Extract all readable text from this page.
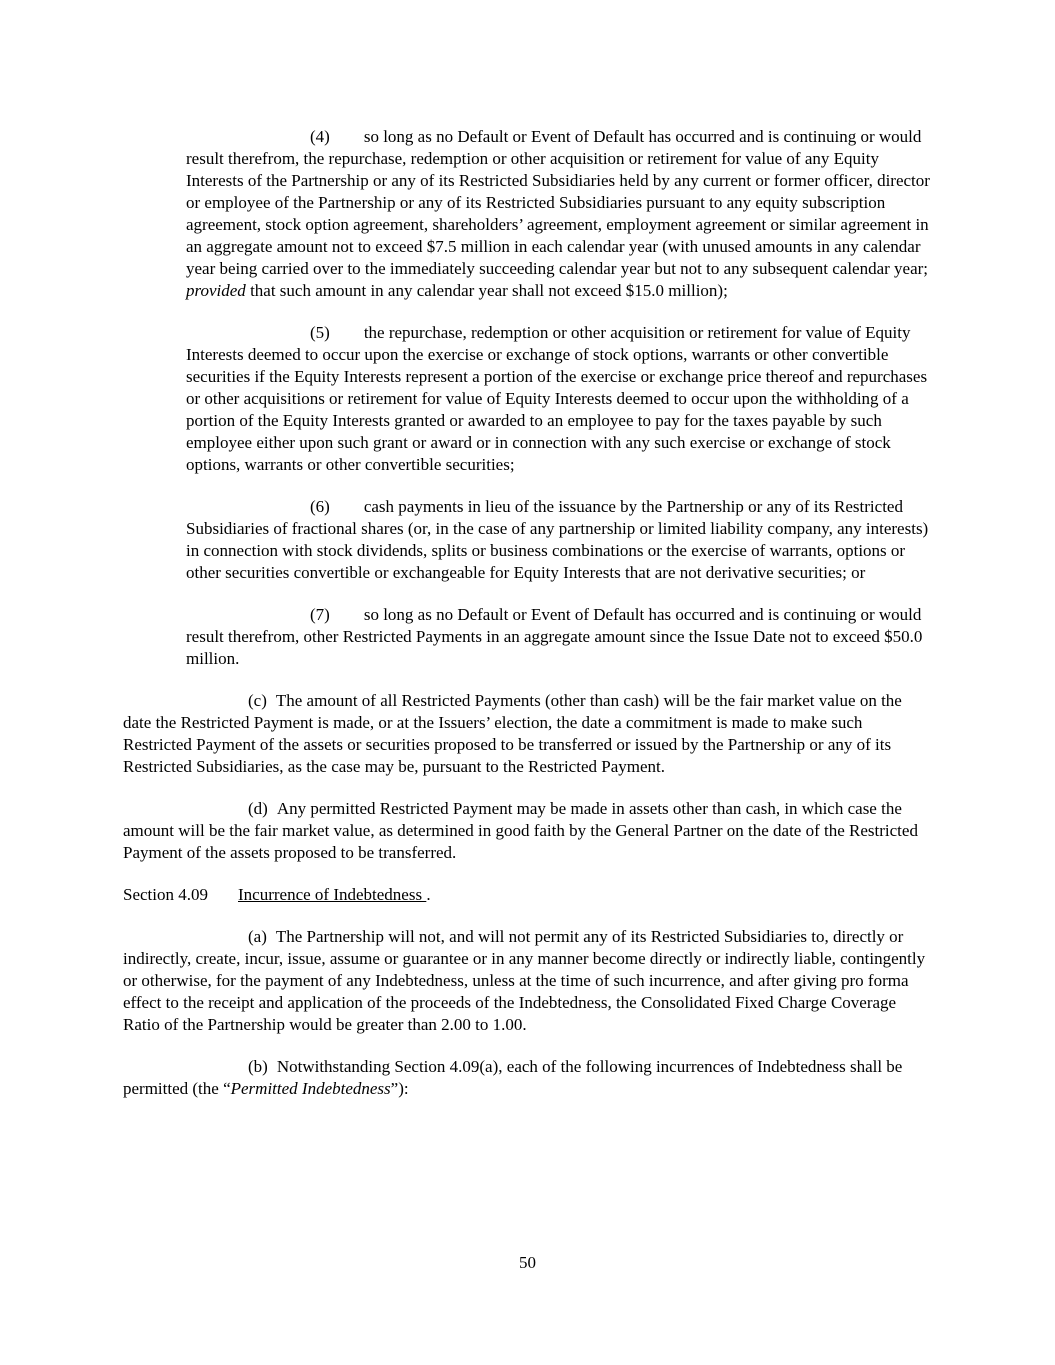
(4) so long as no Default or Event of Default has occurred and is continuing or would result therefrom, the repurchase, redemption or other acquisition or retirement for value of any Equity Interests of the Partnership or any of its Restricted Subsidiaries held by any current or former officer, director or employee of the Partnership or any of its Restricted Subsidiaries pursuant to any equity subscription agreement, stock option agreement, shareholders’ agreement, employment agreement or similar agreement in an aggregate amount not to exceed $7.5 million in each calendar year (with unused amounts in any calendar year being carried over to the immediately succeeding calendar year but not to any subsequent calendar year; provided that such amount in any calendar year shall not exceed $15.0 million);

(5) the repurchase, redemption or other acquisition or retirement for value of Equity Interests deemed to occur upon the exercise or exchange of stock options, warrants or other convertible securities if the Equity Interests represent a portion of the exercise or exchange price thereof and repurchases or other acquisitions or retirement for value of Equity Interests deemed to occur upon the withholding of a portion of the Equity Interests granted or awarded to an employee to pay for the taxes payable by such employee either upon such grant or award or in connection with any such exercise or exchange of stock options, warrants or other convertible securities;

(6) cash payments in lieu of the issuance by the Partnership or any of its Restricted Subsidiaries of fractional shares (or, in the case of any partnership or limited liability company, any interests) in connection with stock dividends, splits or business combinations or the exercise of warrants, options or other securities convertible or exchangeable for Equity Interests that are not derivative securities; or

(7) so long as no Default or Event of Default has occurred and is continuing or would result therefrom, other Restricted Payments in an aggregate amount since the Issue Date not to exceed $50.0 million.

(c) The amount of all Restricted Payments (other than cash) will be the fair market value on the date the Restricted Payment is made, or at the Issuers’ election, the date a commitment is made to make such Restricted Payment of the assets or securities proposed to be transferred or issued by the Partnership or any of its Restricted Subsidiaries, as the case may be, pursuant to the Restricted Payment.

(d) Any permitted Restricted Payment may be made in assets other than cash, in which case the amount will be the fair market value, as determined in good faith by the General Partner on the date of the Restricted Payment of the assets proposed to be transferred.

Section 4.09 Incurrence of Indebtedness .

(a) The Partnership will not, and will not permit any of its Restricted Subsidiaries to, directly or indirectly, create, incur, issue, assume or guarantee or in any manner become directly or indirectly liable, contingently or otherwise, for the payment of any Indebtedness, unless at the time of such incurrence, and after giving pro forma effect to the receipt and application of the proceeds of the Indebtedness, the Consolidated Fixed Charge Coverage Ratio of the Partnership would be greater than 2.00 to 1.00.

(b) Notwithstanding Section 4.09(a), each of the following incurrences of Indebtedness shall be permitted (the “Permitted Indebtedness”):

50
